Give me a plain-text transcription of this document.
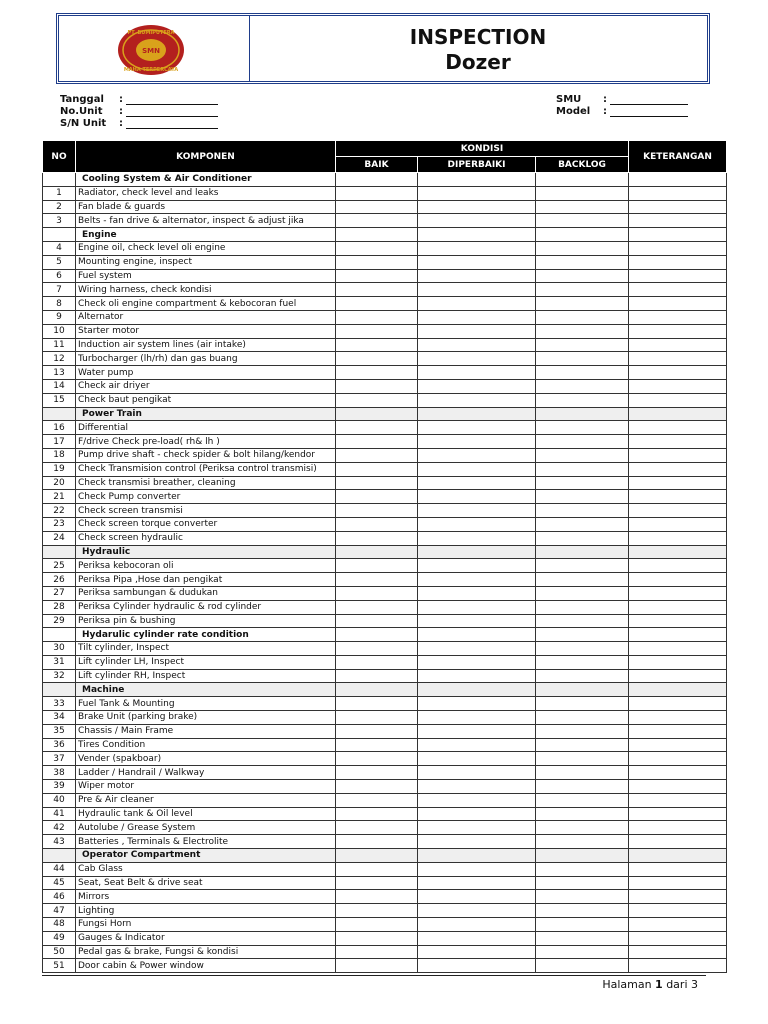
SMN
PT. BUMIPUTERA
MAHA TERPERCAYA
INSPECTION
Dozer
Tanggal	:
No.Unit	:
S/N Unit	:
SMU	:
Model	:
NO	KOMPONEN	KONDISI			KETERANGAN
		BAIK	DIPERBAIKI	BACKLOG	
	Cooling System & Air Conditioner				
1	Radiator, check level and leaks				
2	Fan blade & guards				
3	Belts - fan drive & alternator, inspect & adjust jika				
	Engine				
4	Engine oil, check level oli engine				
5	Mounting engine, inspect				
6	Fuel system				
7	Wiring harness, check kondisi				
8	Check oli engine compartment & kebocoran fuel				
9	Alternator				
10	Starter motor				
11	Induction air system lines (air intake)				
12	Turbocharger (lh/rh) dan gas buang				
13	Water pump				
14	Check air driyer				
15	Check baut pengikat				
	Power Train				
16	Differential				
17	F/drive Check pre-load( rh& lh )				
18	Pump drive shaft - check spider & bolt hilang/kendor				
19	Check Transmision control (Periksa control transmisi)				
20	Check transmisi breather, cleaning				
21	Check Pump converter				
22	Check screen transmisi				
23	Check screen torque converter				
24	Check screen hydraulic				
	Hydraulic				
25	Periksa kebocoran oli				
26	Periksa Pipa ,Hose dan pengikat				
27	Periksa sambungan & dudukan				
28	Periksa Cylinder hydraulic & rod cylinder				
29	Periksa pin & bushing				
	Hydarulic cylinder rate condition				
30	Tilt cylinder, Inspect				
31	Lift cylinder LH, Inspect				
32	Lift cylinder RH, Inspect				
	Machine				
33	Fuel Tank & Mounting				
34	Brake Unit (parking brake)				
35	Chassis / Main Frame				
36	Tires Condition				
37	Vender (spakboar)				
38	Ladder / Handrail / Walkway				
39	Wiper motor				
40	Pre & Air cleaner				
41	Hydraulic tank & Oil level				
42	Autolube / Grease System				
43	Batteries , Terminals & Electrolite				
	Operator Compartment				
44	Cab Glass				
45	Seat, Seat Belt & drive seat				
46	Mirrors				
47	Lighting				
48	Fungsi Horn				
49	Gauges & Indicator				
50	Pedal gas & brake, Fungsi & kondisi				
51	Door cabin & Power window				
Halaman 1 dari 3
